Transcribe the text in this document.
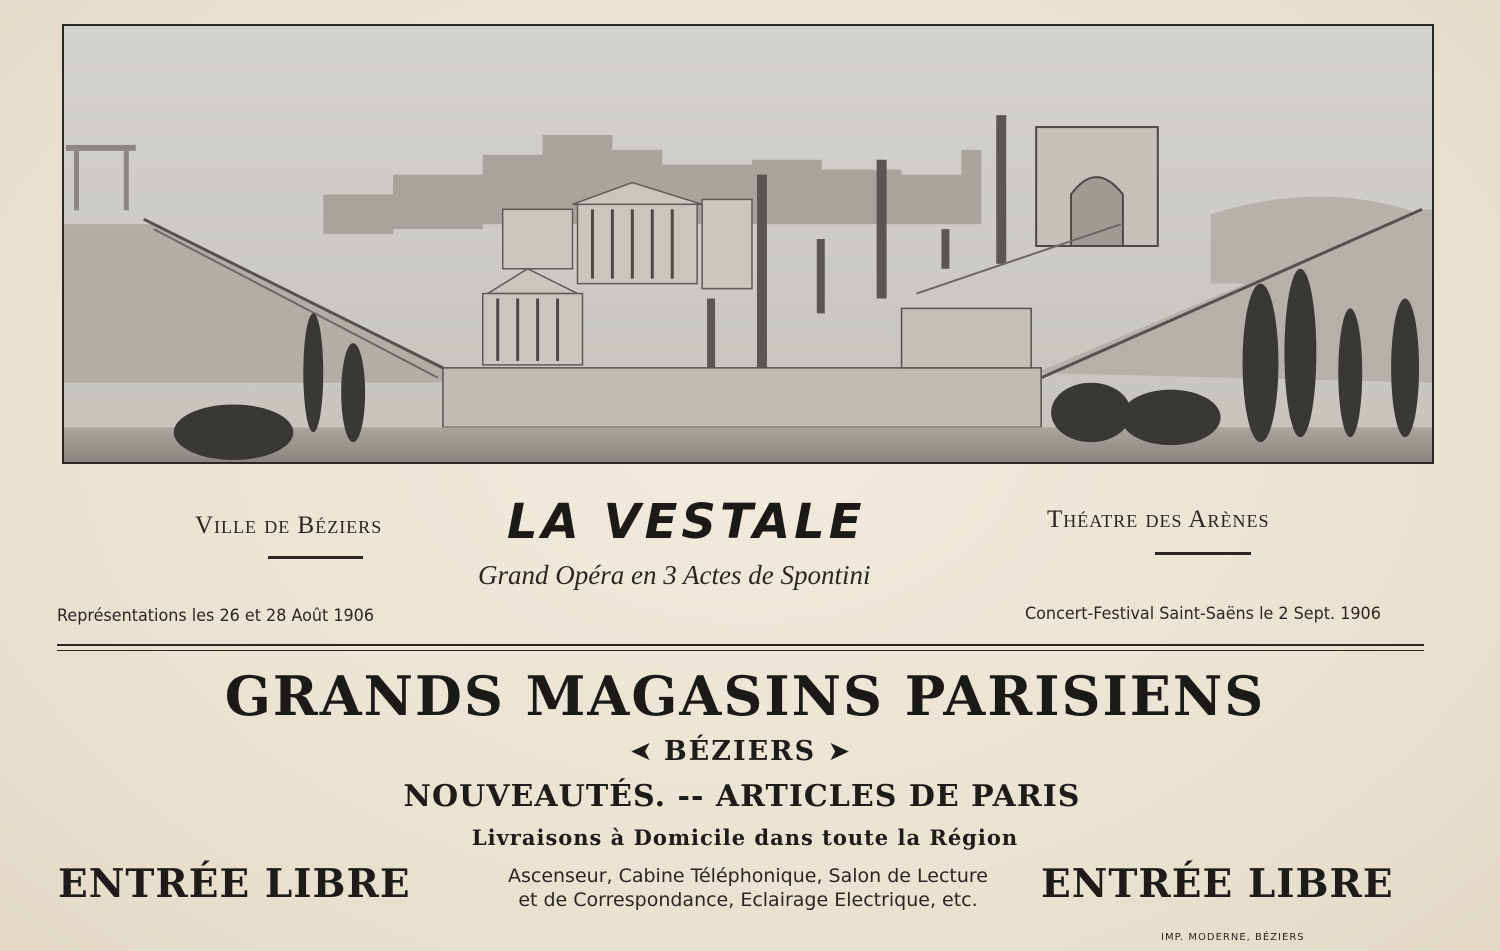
Ville de Béziers	LA VESTALE
Grand Opéra en 3 Actes de Spontini
Théatre des Arènes
Représentations les 26 et 28 Août 1906	Concert-Festival Saint-Saëns le 2 Sept. 1906
GRANDS MAGASINS PARISIENS
➤ BÉZIERS ➤
NOUVEAUTÉS. -- ARTICLES DE PARIS
Livraisons à Domicile dans toute la Région
ENTRÉE LIBRE	Ascenseur, Cabine Téléphonique, Salon de Lecture
et de Correspondance, Eclairage Electrique, etc.	ENTRÉE LIBRE
IMP. MODERNE, BÉZIERS
